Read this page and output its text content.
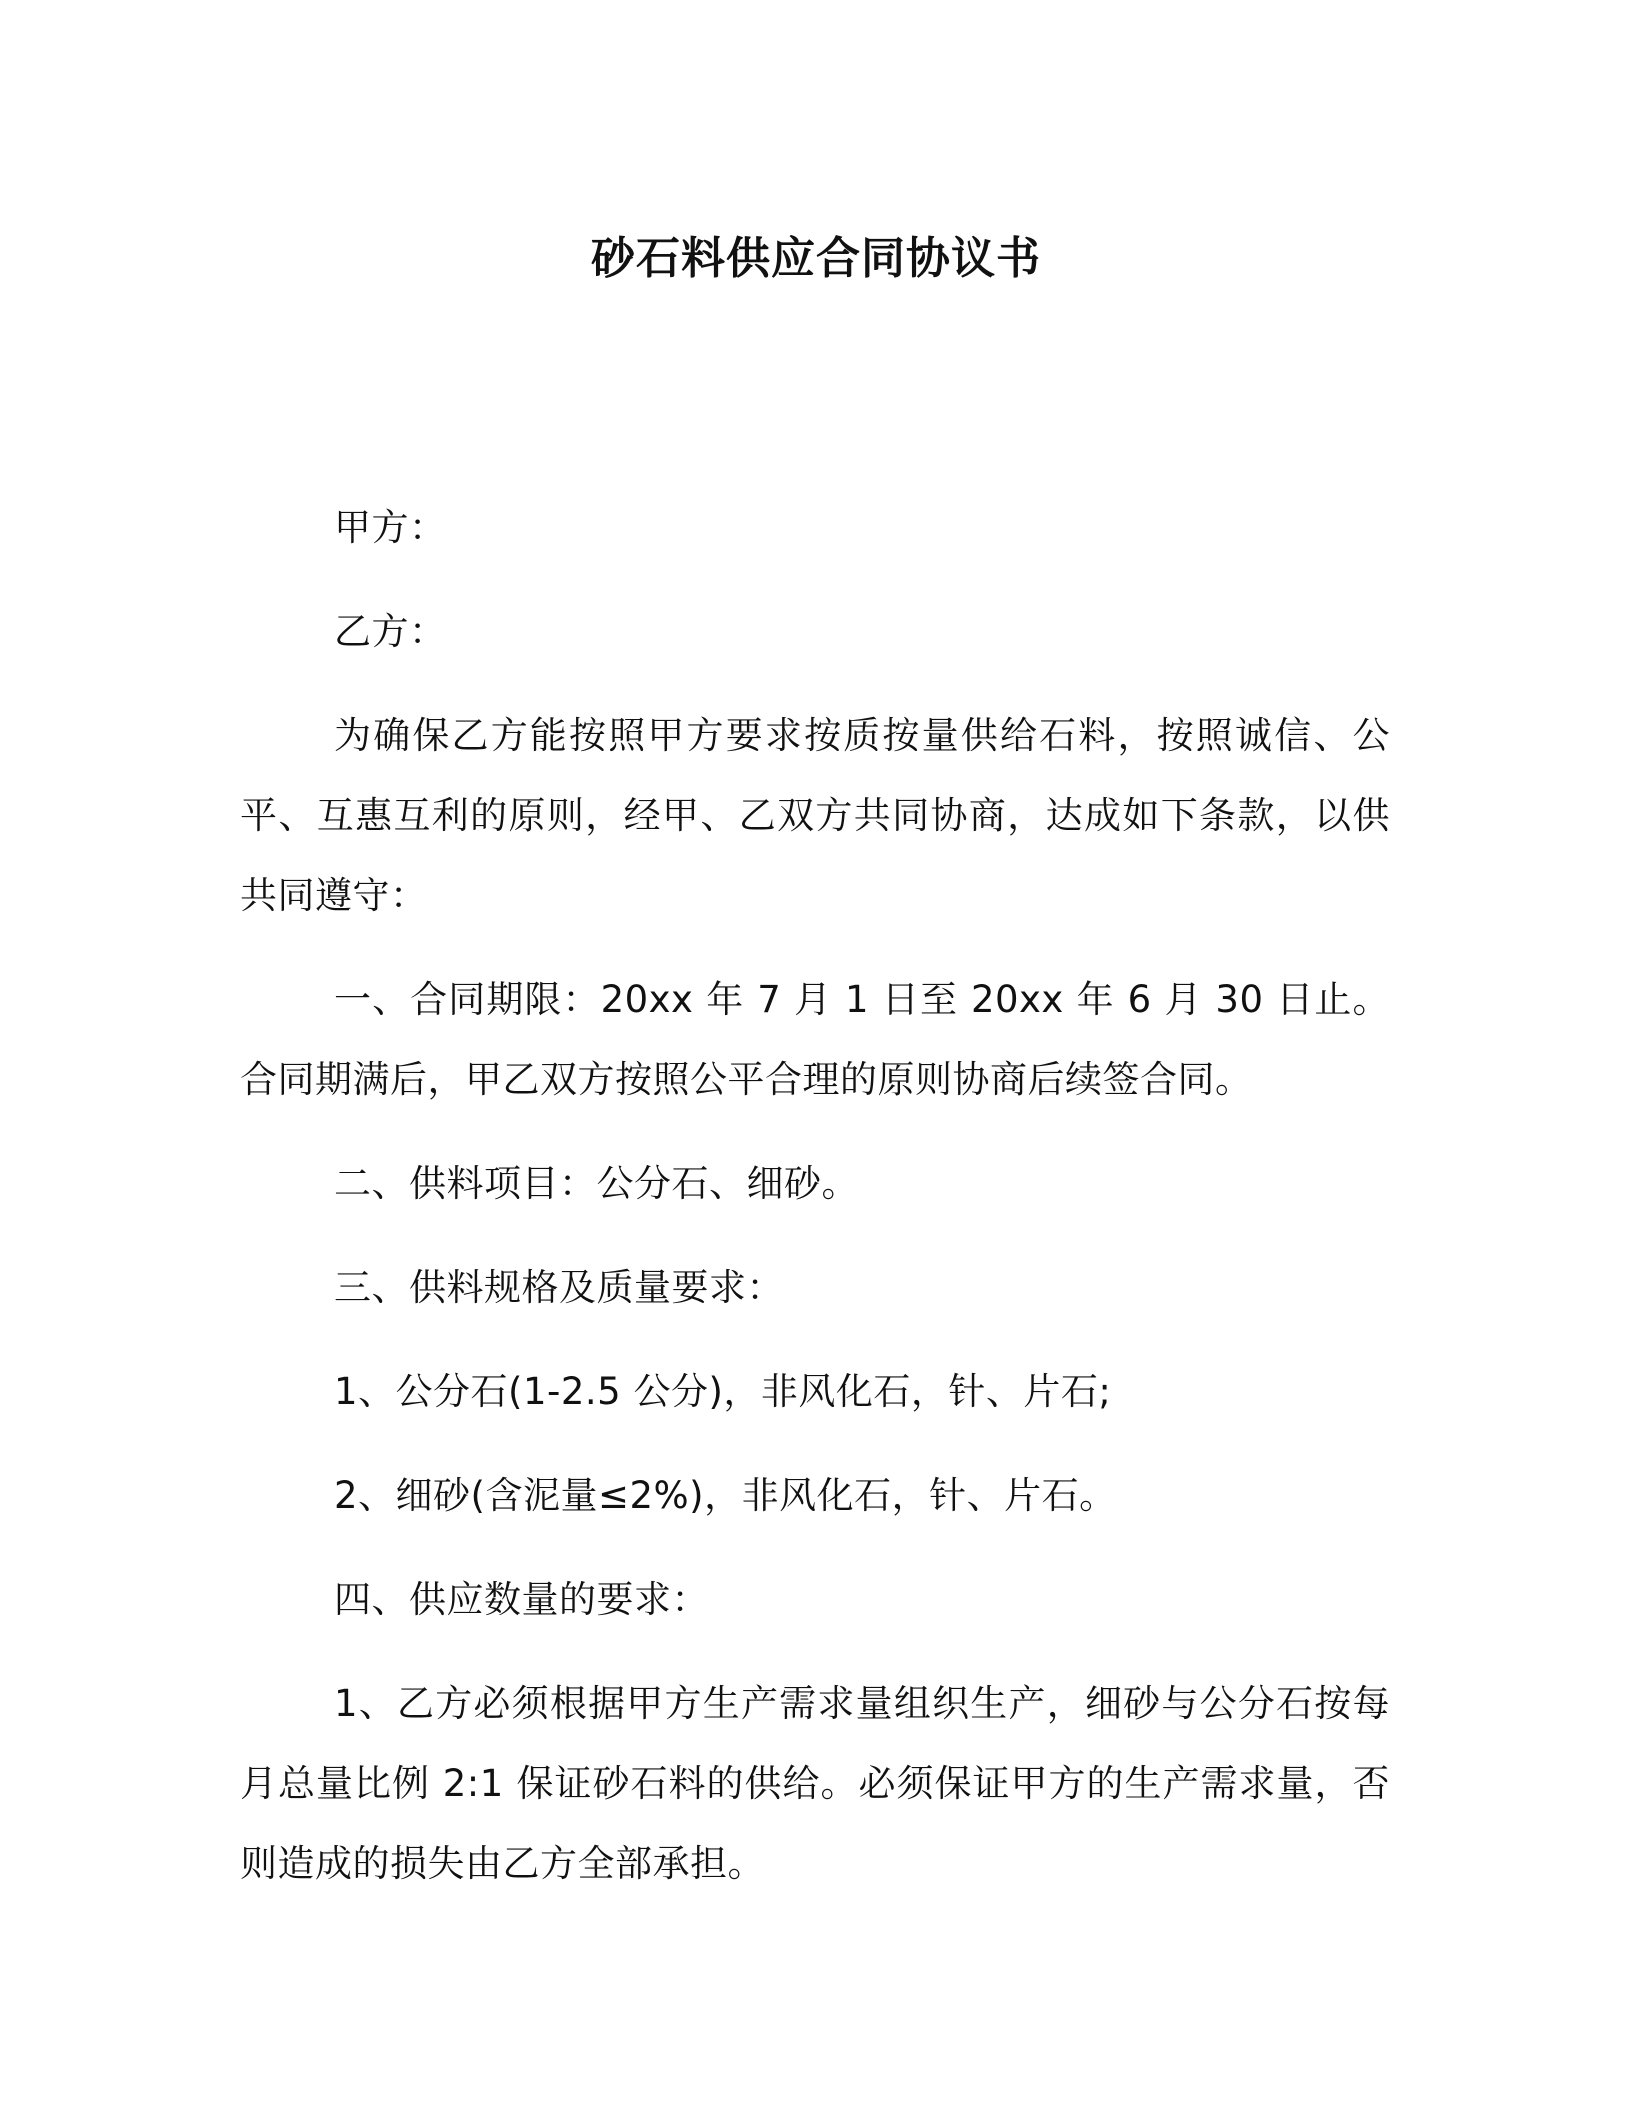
砂石料供应合同协议书

甲方：

乙方：

为确保乙方能按照甲方要求按质按量供给石料，按照诚信、公平、互惠互利的原则，经甲、乙双方共同协商，达成如下条款，以供共同遵守：

一、合同期限：20xx 年 7 月 1 日至 20xx 年 6 月 30 日止。合同期满后，甲乙双方按照公平合理的原则协商后续签合同。

二、供料项目：公分石、细砂。

三、供料规格及质量要求：

1、公分石(1-2.5 公分)，非风化石，针、片石;

2、细砂(含泥量≤2%)，非风化石，针、片石。

四、供应数量的要求：

1、乙方必须根据甲方生产需求量组织生产，细砂与公分石按每月总量比例 2:1 保证砂石料的供给。必须保证甲方的生产需求量，否则造成的损失由乙方全部承担。
